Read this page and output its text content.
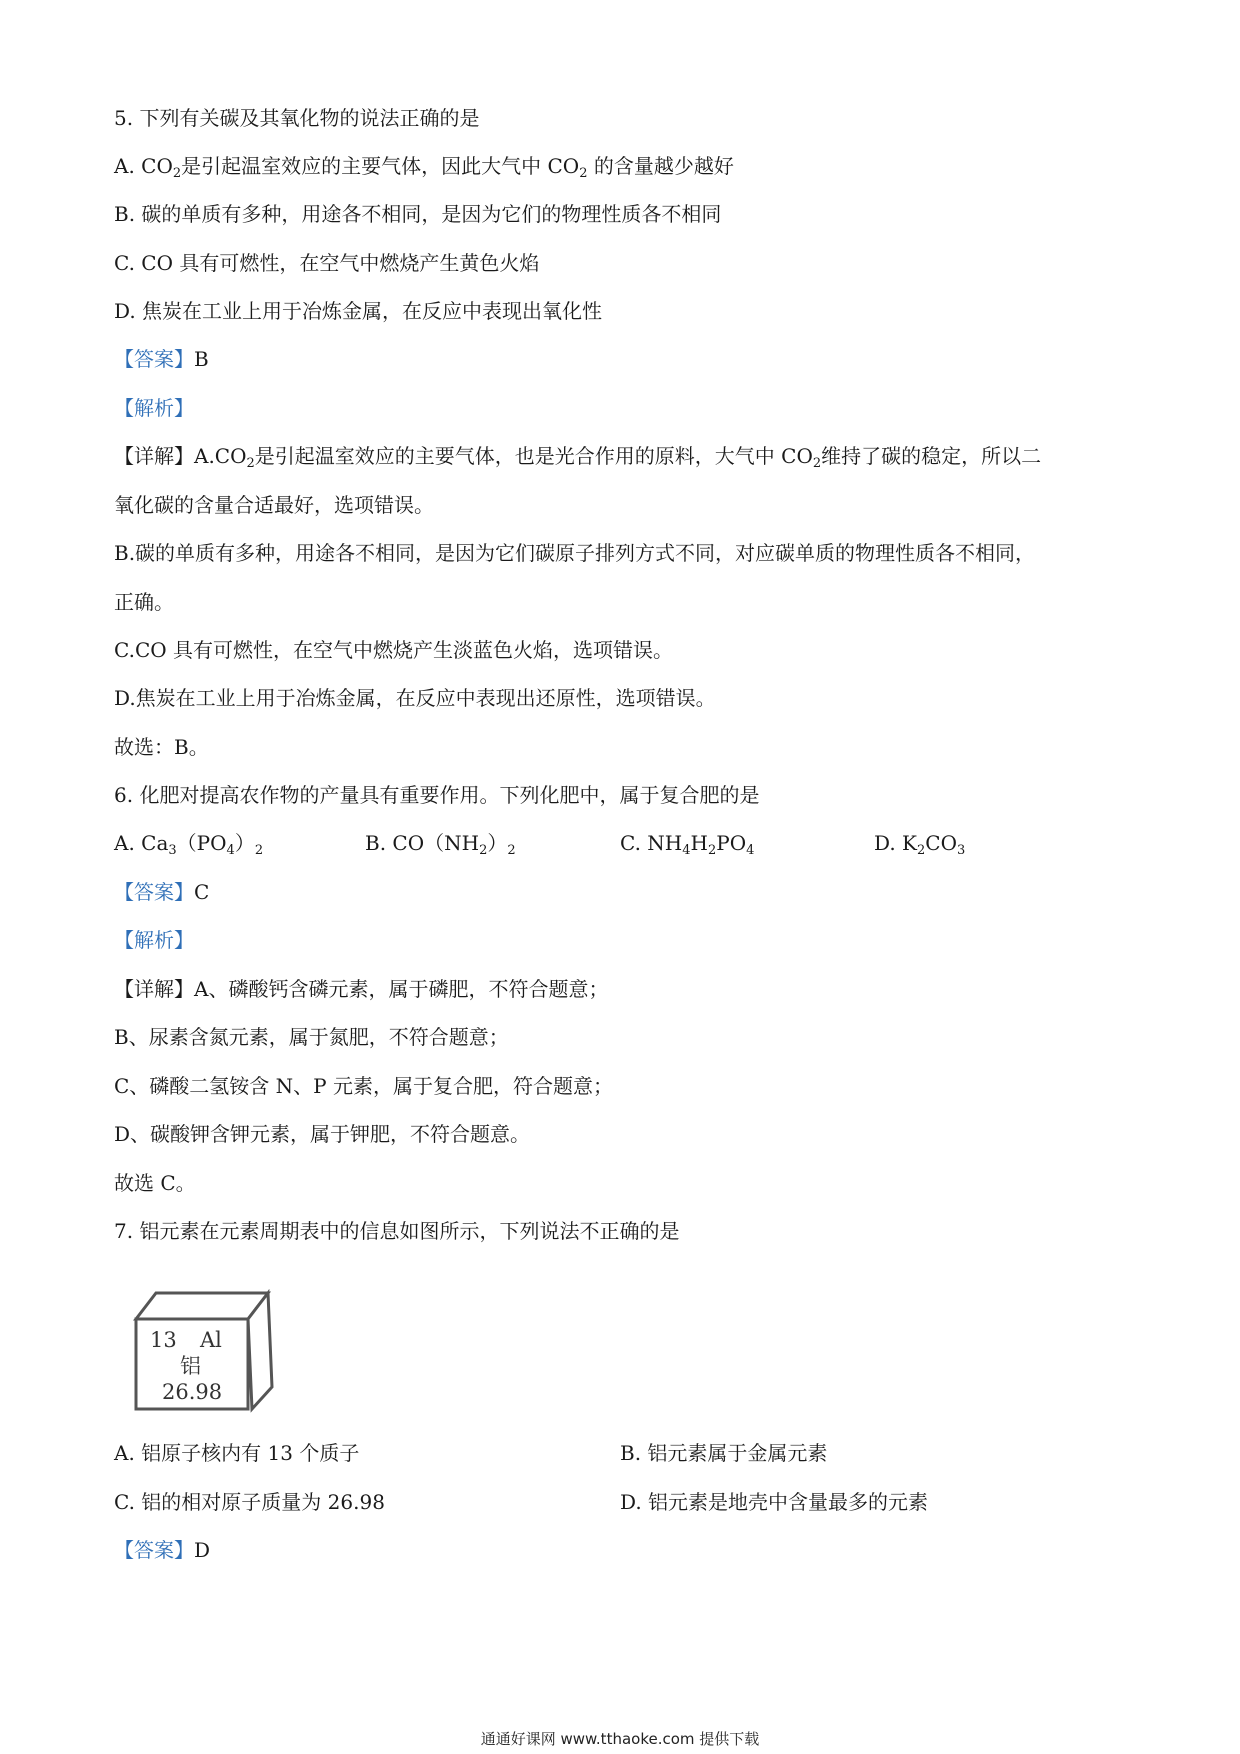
5. 下列有关碳及其氧化物的说法正确的是
A. $CO_2$是引起温室效应的主要气体，因此大气中 $CO_2$ 的含量越少越好
B. 碳的单质有多种，用途各不相同，是因为它们的物理性质各不相同
C. CO 具有可燃性，在空气中燃烧产生黄色火焰
D. 焦炭在工业上用于冶炼金属，在反应中表现出氧化性
【答案】B
【解析】
【详解】$A.CO_2$是引起温室效应的主要气体，也是光合作用的原料，大气中 $CO_2$维持了碳的稳定，所以二
氧化碳的含量合适最好，选项错误。
B.碳的单质有多种，用途各不相同，是因为它们碳原子排列方式不同，对应碳单质的物理性质各不相同，
正确。
C.CO 具有可燃性，在空气中燃烧产生淡蓝色火焰，选项错误。
D.焦炭在工业上用于冶炼金属，在反应中表现出还原性，选项错误。
故选：B。
6. 化肥对提高农作物的产量具有重要作用。下列化肥中，属于复合肥的是
A. $Ca_3(PO_4)_2$	B. $CO(NH_2)_2$	C. $NH_4H_2PO_4$	D. $K_2CO_3$
【答案】C
【解析】
【详解】A、磷酸钙含磷元素，属于磷肥，不符合题意；
B、尿素含氮元素，属于氮肥，不符合题意；
C、磷酸二氢铵含 N、P 元素，属于复合肥，符合题意；
D、碳酸钾含钾元素，属于钾肥，不符合题意。
故选 C。
7. 铝元素在元素周期表中的信息如图所示，下列说法不正确的是
13 Al
铝
26.98
A. 铝原子核内有 13 个质子	B. 铝元素属于金属元素
C. 铝的相对原子质量为 26.98	D. 铝元素是地壳中含量最多的元素
【答案】D
通通好课网 www.tthaoke.com 提供下载
